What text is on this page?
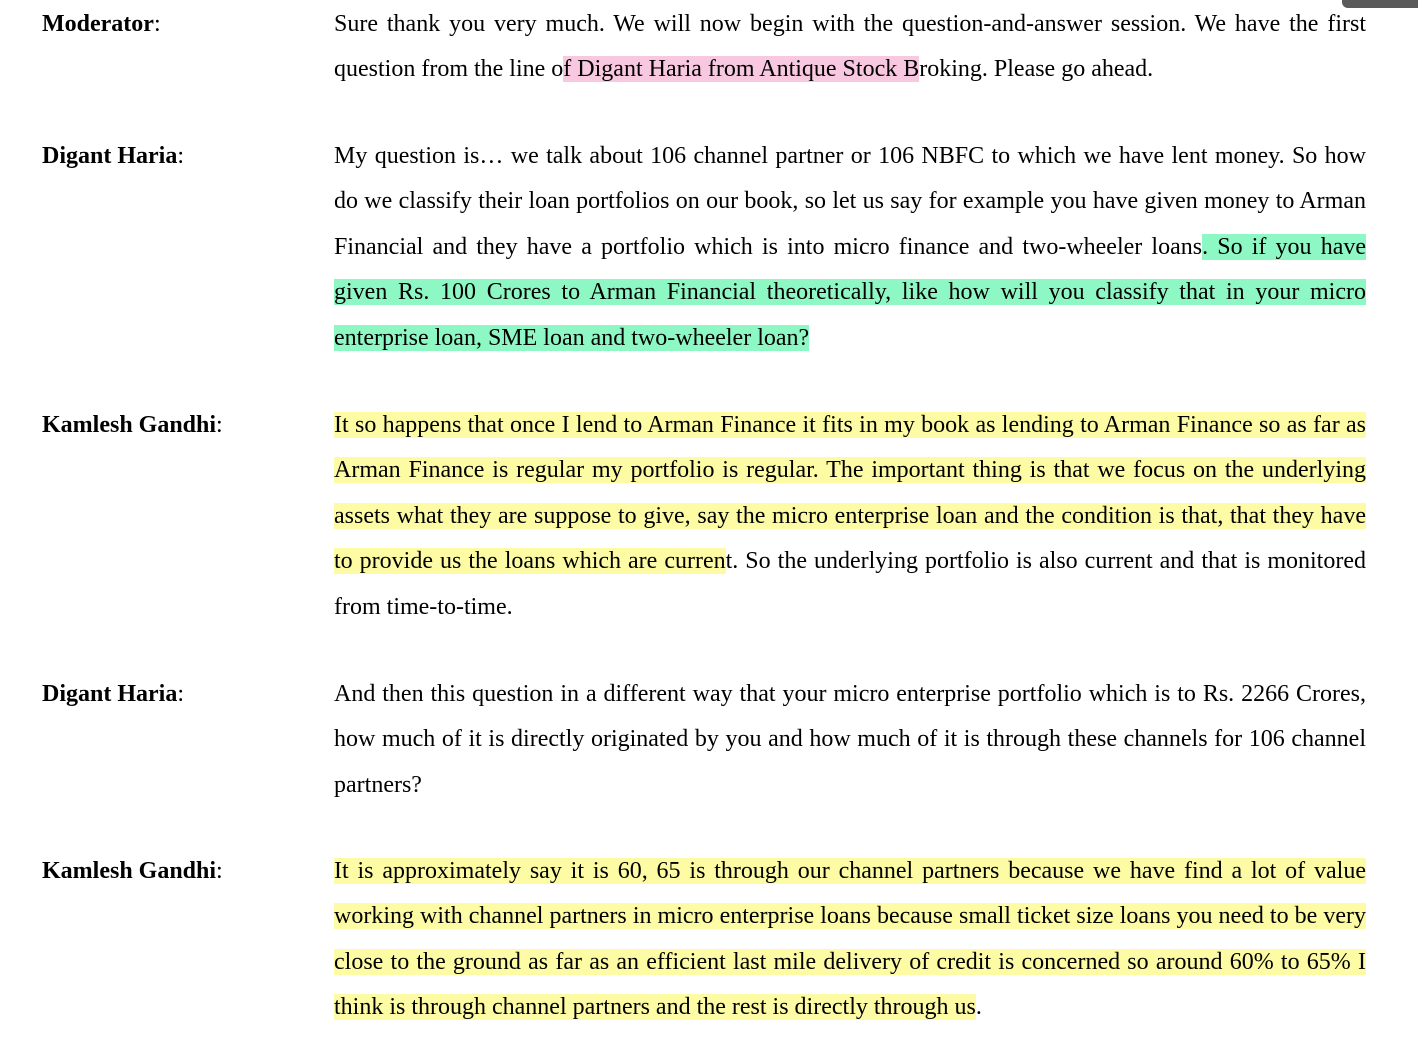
Moderator:	Sure thank you very much. We will now begin with the question-and-answer session. We have the first question from the line of Digant Haria from Antique Stock Broking. Please go ahead.
Digant Haria:	My question is… we talk about 106 channel partner or 106 NBFC to which we have lent money. So how do we classify their loan portfolios on our book, so let us say for example you have given money to Arman Financial and they have a portfolio which is into micro finance and two-wheeler loans. So if you have given Rs. 100 Crores to Arman Financial theoretically, like how will you classify that in your micro enterprise loan, SME loan and two-wheeler loan?
Kamlesh Gandhi:	It so happens that once I lend to Arman Finance it fits in my book as lending to Arman Finance so as far as Arman Finance is regular my portfolio is regular. The important thing is that we focus on the underlying assets what they are suppose to give, say the micro enterprise loan and the condition is that, that they have to provide us the loans which are current. So the underlying portfolio is also current and that is monitored from time-to-time.
Digant Haria:	And then this question in a different way that your micro enterprise portfolio which is to Rs. 2266 Crores, how much of it is directly originated by you and how much of it is through these channels for 106 channel partners?
Kamlesh Gandhi:	It is approximately say it is 60, 65 is through our channel partners because we have find a lot of value working with channel partners in micro enterprise loans because small ticket size loans you need to be very close to the ground as far as an efficient last mile delivery of credit is concerned so around 60% to 65% I think is through channel partners and the rest is directly through us.
